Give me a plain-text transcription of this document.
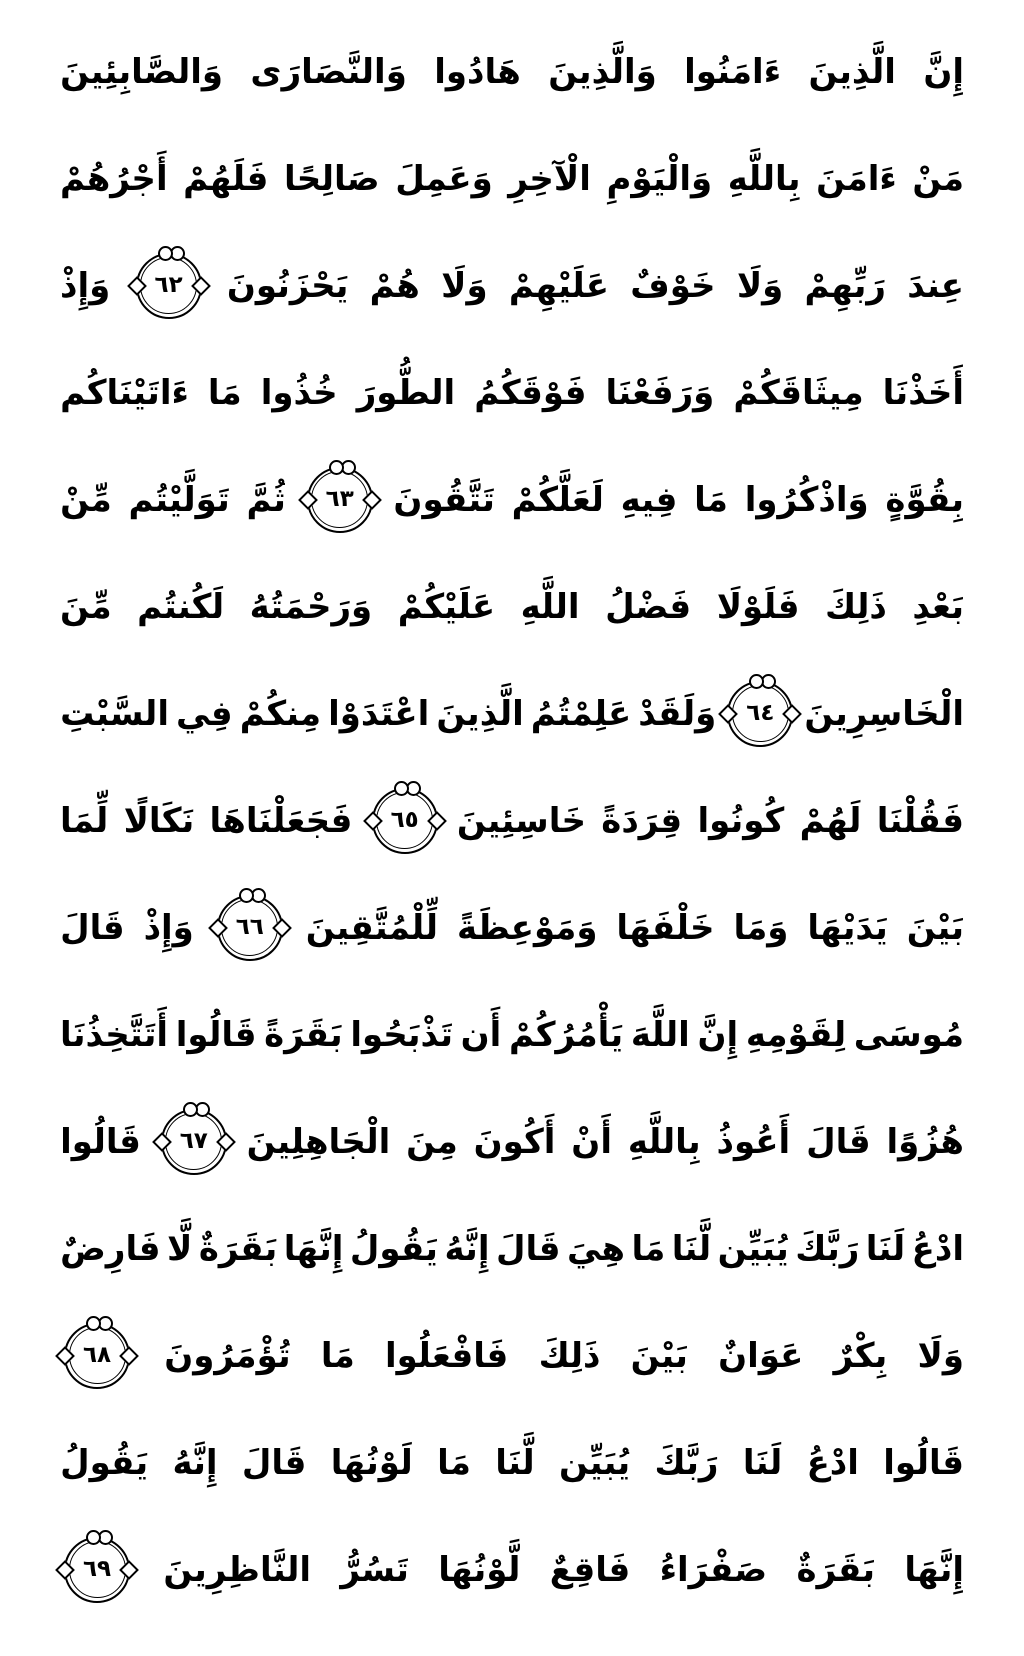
إِنَّ
الَّذِينَ
ءَامَنُوا
وَالَّذِينَ
هَادُوا
وَالنَّصَارَى
وَالصَّابِئِينَ
مَنْ
ءَامَنَ
بِاللَّهِ
وَالْيَوْمِ
الْآخِرِ
وَعَمِلَ
صَالِحًا
فَلَهُمْ
أَجْرُهُمْ
عِندَ
رَبِّهِمْ
وَلَا
خَوْفٌ
عَلَيْهِمْ
وَلَا
هُمْ
يَحْزَنُونَ
٦٢
وَإِذْ
أَخَذْنَا
مِيثَاقَكُمْ
وَرَفَعْنَا
فَوْقَكُمُ
الطُّورَ
خُذُوا
مَا
ءَاتَيْنَاكُم
بِقُوَّةٍ
وَاذْكُرُوا
مَا
فِيهِ
لَعَلَّكُمْ
تَتَّقُونَ
٦٣
ثُمَّ
تَوَلَّيْتُم
مِّنْ
بَعْدِ
ذَلِكَ
فَلَوْلَا
فَضْلُ
اللَّهِ
عَلَيْكُمْ
وَرَحْمَتُهُ
لَكُنتُم
مِّنَ
الْخَاسِرِينَ
٦٤
وَلَقَدْ
عَلِمْتُمُ
الَّذِينَ
اعْتَدَوْا
مِنكُمْ
فِي
السَّبْتِ
فَقُلْنَا
لَهُمْ
كُونُوا
قِرَدَةً
خَاسِئِينَ
٦٥
فَجَعَلْنَاهَا
نَكَالًا
لِّمَا
بَيْنَ
يَدَيْهَا
وَمَا
خَلْفَهَا
وَمَوْعِظَةً
لِّلْمُتَّقِينَ
٦٦
وَإِذْ
قَالَ
مُوسَى
لِقَوْمِهِ
إِنَّ
اللَّهَ
يَأْمُرُكُمْ
أَن
تَذْبَحُوا
بَقَرَةً
قَالُوا
أَتَتَّخِذُنَا
هُزُوًا
قَالَ
أَعُوذُ
بِاللَّهِ
أَنْ
أَكُونَ
مِنَ
الْجَاهِلِينَ
٦٧
قَالُوا
ادْعُ
لَنَا
رَبَّكَ
يُبَيِّن
لَّنَا
مَا
هِيَ
قَالَ
إِنَّهُ
يَقُولُ
إِنَّهَا
بَقَرَةٌ
لَّا
فَارِضٌ
وَلَا
بِكْرٌ
عَوَانٌ
بَيْنَ
ذَلِكَ
فَافْعَلُوا
مَا
تُؤْمَرُونَ
٦٨
قَالُوا
ادْعُ
لَنَا
رَبَّكَ
يُبَيِّن
لَّنَا
مَا
لَوْنُهَا
قَالَ
إِنَّهُ
يَقُولُ
إِنَّهَا
بَقَرَةٌ
صَفْرَاءُ
فَاقِعٌ
لَّوْنُهَا
تَسُرُّ
النَّاظِرِينَ
٦٩
